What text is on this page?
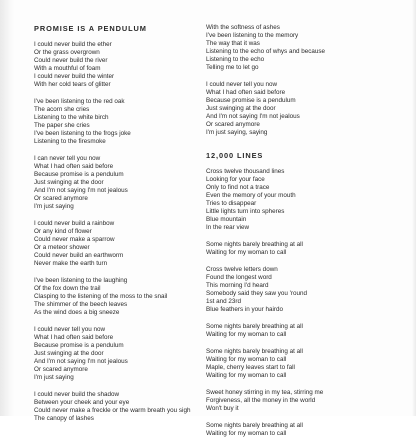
PROMISE IS A PENDULUM
I could never build the ether
Or the grass overgrown
Could never build the river
With a mouthful of foam
I could never build the winter
With her cold tears of glitter
I've been listening to the red oak
The acorn she cries
Listening to the white birch
The paper she cries
I've been listening to the frogs joke
Listening to the firesmoke
I can never tell you now
What I had often said before
Because promise is a pendulum
Just swinging at the door
And I'm not saying I'm not jealous
Or scared anymore
I'm just saying
I could never build a rainbow
Or any kind of flower
Could never make a sparrow
Or a meteor shower
Could never build an earthworm
Never make the earth turn
I've been listening to the laughing
Of the fox down the trail
Clasping to the listening of the moss to the snail
The shimmer of the beech leaves
As the wind does a big sneeze
I could never tell you now
What I had often said before
Because promise is a pendulum
Just swinging at the door
And I'm not saying I'm not jealous
Or scared anymore
I'm just saying
I could never build the shadow
Between your cheek and your eye
Could never make a freckle or the warm breath you sigh
The canopy of lashes
With the softness of ashes
I've been listening to the memory
The way that it was
Listening to the echo of whys and because
Listening to the echo
Telling me to let go
I could never tell you now
What I had often said before
Because promise is a pendulum
Just swinging at the door
And I'm not saying I'm not jealous
Or scared anymore
I'm just saying, saying
12,000 LINES
Cross twelve thousand lines
Looking for your face
Only to find not a trace
Even the memory of your mouth
Tries to disappear
Little lights turn into spheres
Blue mountain
In the rear view
Some nights barely breathing at all
Waiting for my woman to call
Cross twelve letters down
Found the longest word
This morning I'd heard
Somebody said they saw you 'round
1st and 23rd
Blue feathers in your hairdo
Some nights barely breathing at all
Waiting for my woman to call
Some nights barely breathing at all
Waiting for my woman to call
Maple, cherry leaves start to fall
Waiting for my woman to call
Sweet honey stirring in my tea, stirring me
Forgiveness, all the money in the world
Won't buy it
Some nights barely breathing at all
Waiting for my woman to call
